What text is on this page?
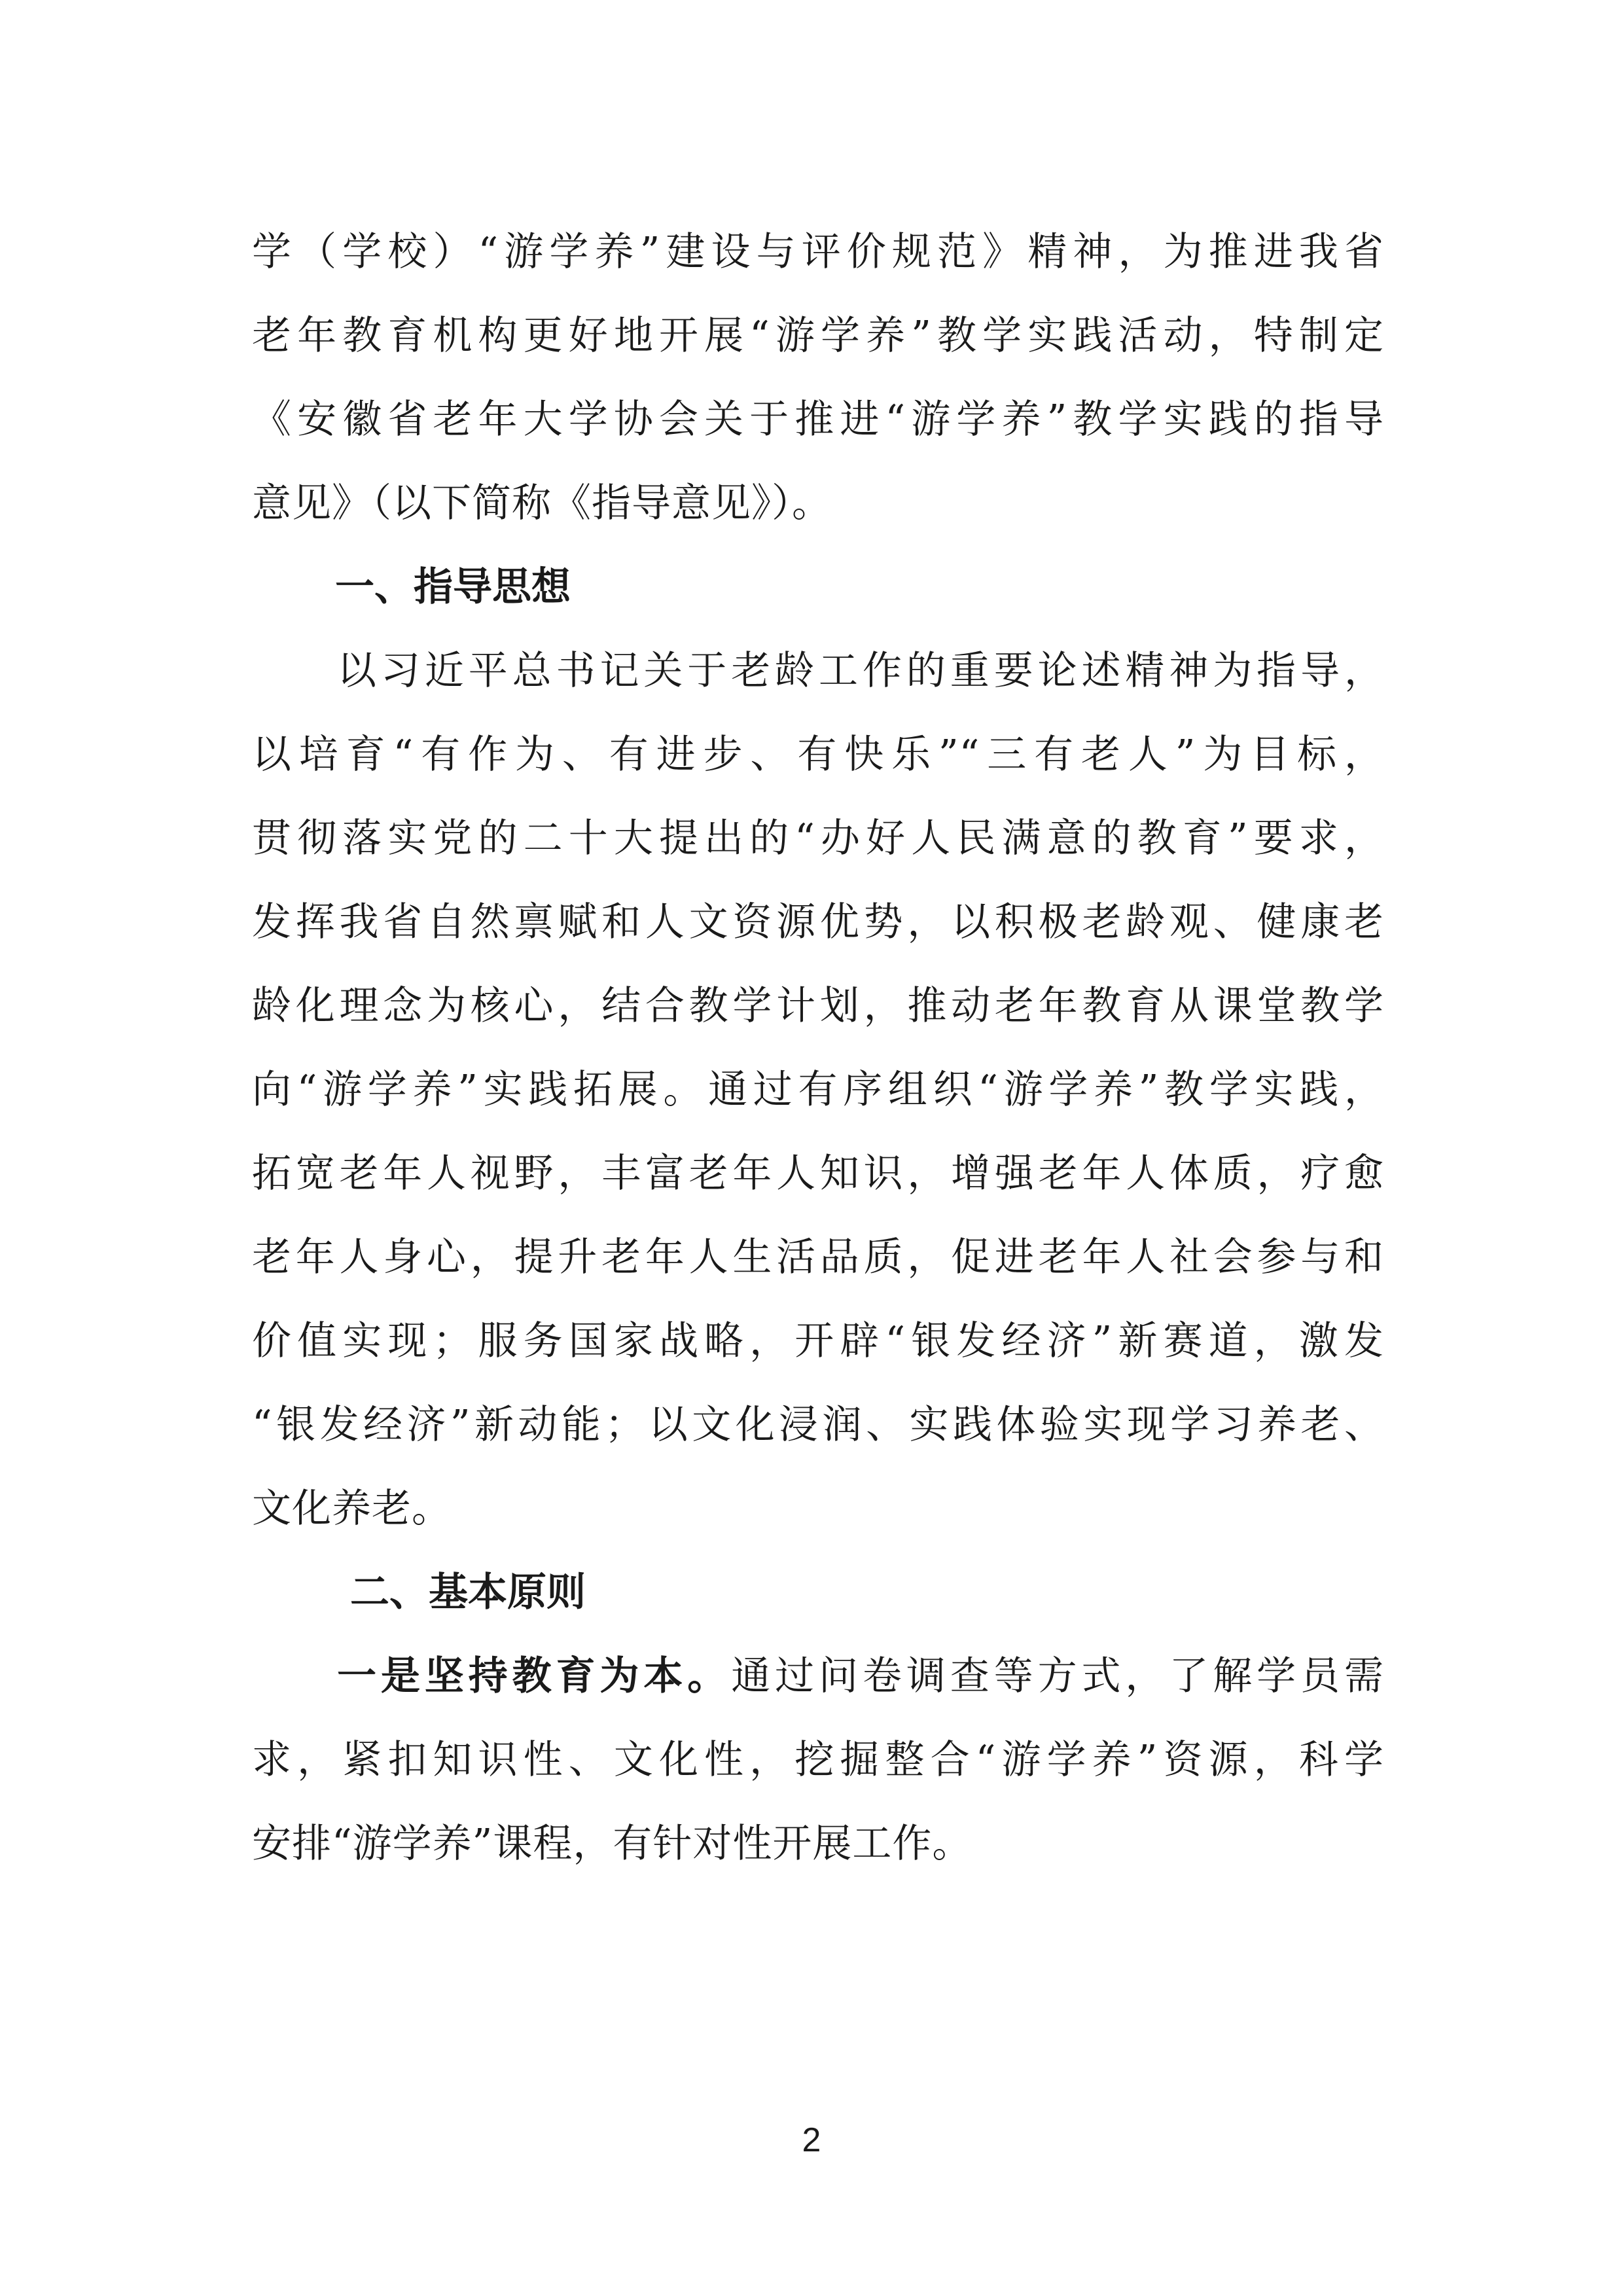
学（学校）“游学养”建设与评价规范》精神，为推进我省
老年教育机构更好地开展“游学养”教学实践活动，特制定
《安徽省老年大学协会关于推进“游学养”教学实践的指导
意见》（以下简称《指导意见》）。
一、指导思想
以习近平总书记关于老龄工作的重要论述精神为指导，
以培育“有作为、有进步、有快乐”“三有老人”为目标，
贯彻落实党的二十大提出的“办好人民满意的教育”要求，
发挥我省自然禀赋和人文资源优势，以积极老龄观、健康老
龄化理念为核心，结合教学计划，推动老年教育从课堂教学
向“游学养”实践拓展。通过有序组织“游学养”教学实践，
拓宽老年人视野，丰富老年人知识，增强老年人体质，疗愈
老年人身心，提升老年人生活品质，促进老年人社会参与和
价值实现；服务国家战略，开辟“银发经济”新赛道，激发
“银发经济”新动能；以文化浸润、实践体验实现学习养老、
文化养老。
二、基本原则
一是坚持教育为本。通过问卷调查等方式，了解学员需
求，紧扣知识性、文化性，挖掘整合“游学养”资源，科学
安排“游学养”课程，有针对性开展工作。
2
